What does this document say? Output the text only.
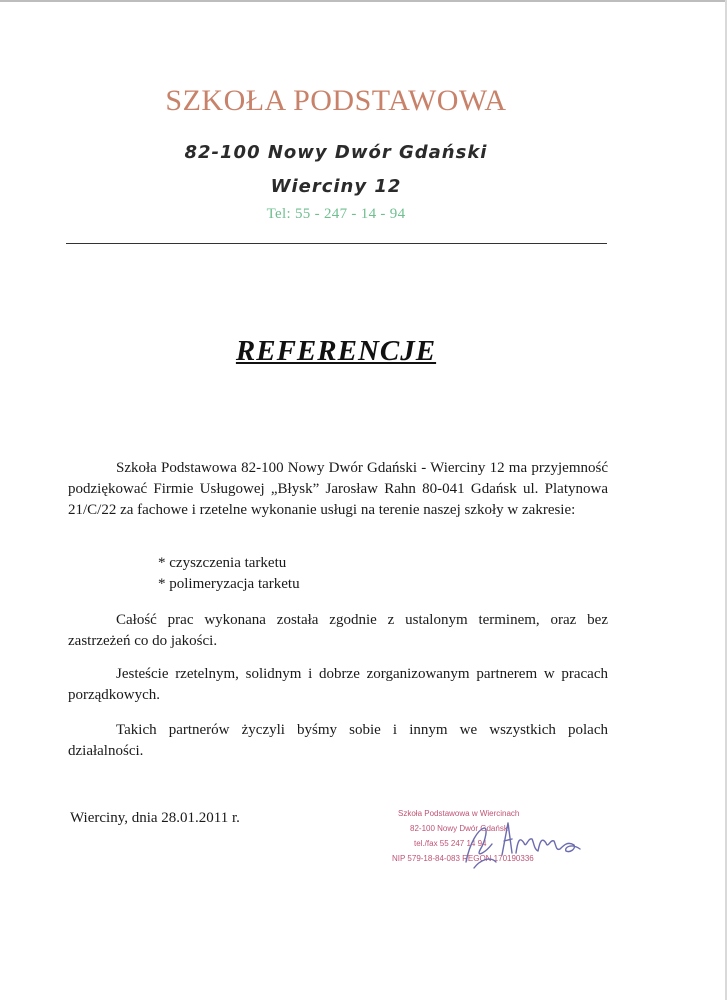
SZKOŁA PODSTAWOWA
82-100 Nowy Dwór Gdański
Wierciny 12
Tel: 55 - 247 - 14 - 94
REFERENCJE
Szkoła Podstawowa 82-100 Nowy Dwór Gdański - Wierciny 12 ma przyjemność podziękować Firmie Usługowej „Błysk” Jarosław Rahn 80-041 Gdańsk ul. Platynowa 21/C/22 za fachowe i rzetelne wykonanie usługi na terenie naszej szkoły w zakresie:
* czyszczenia tarketu
* polimeryzacja tarketu
Całość prac wykonana została zgodnie z ustalonym terminem, oraz bez zastrzeżeń co do jakości.
Jesteście rzetelnym, solidnym i dobrze zorganizowanym partnerem w pracach porządkowych.
Takich partnerów życzyli byśmy sobie i innym we wszystkich polach działalności.
Wierciny, dnia 28.01.2011 r.	Szkoła Podstawowa w Wiercinach
82-100 Nowy Dwór Gdański
tel./fax 55 247 14 94
NIP 579-18-84-083 REGON 170190336
